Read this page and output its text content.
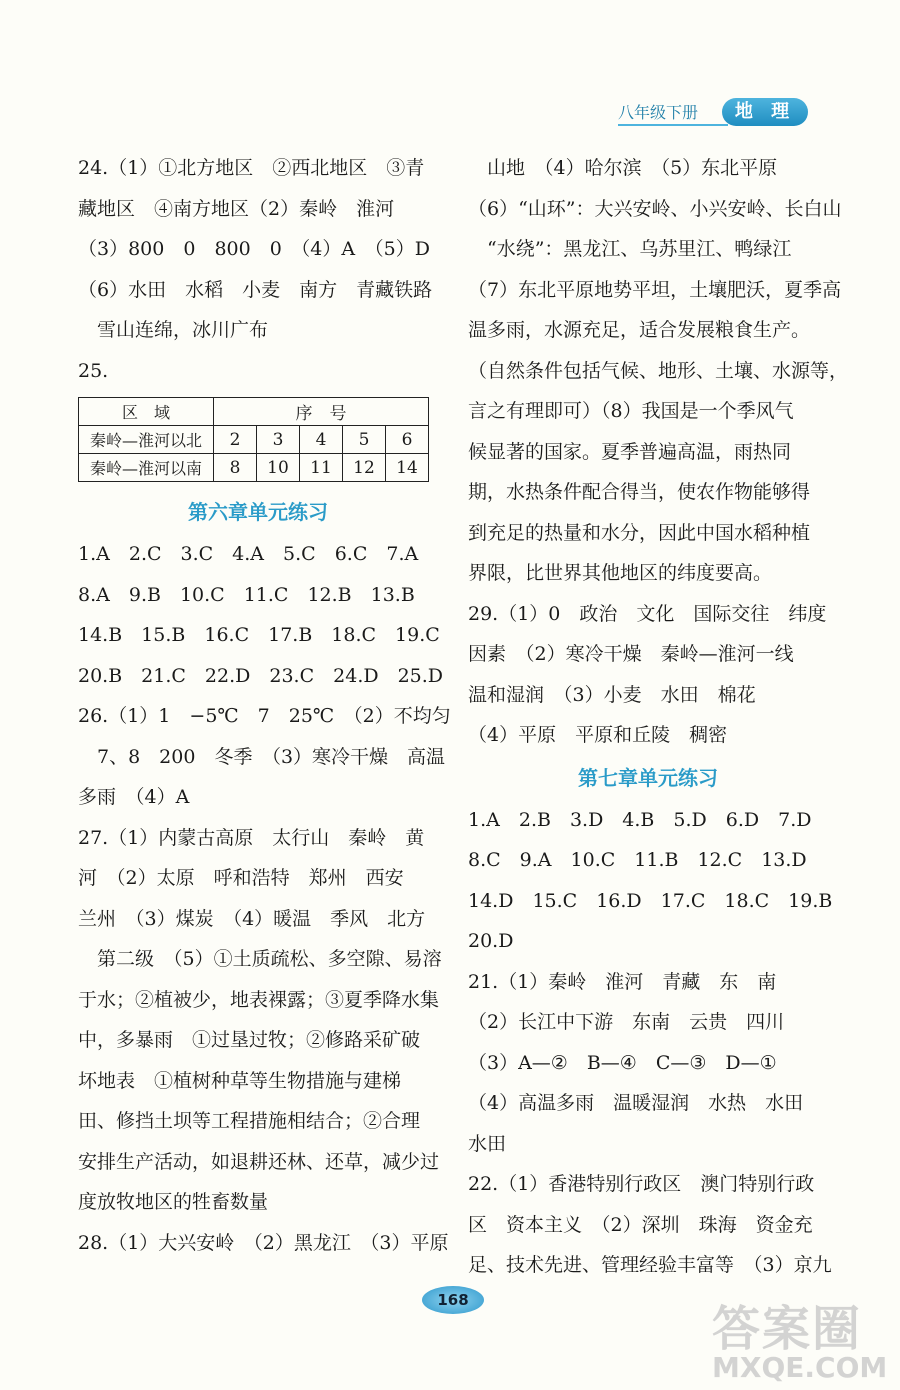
八年级下册	地 理
24.（1）①北方地区　②西北地区　③青
藏地区　④南方地区（2）秦岭　淮河
（3）800　0　800　0　（4）A　（5）D
（6）水田　水稻　小麦　南方　青藏铁路
　雪山连绵，冰川广布
25.
区　域	序　号				
秦岭—淮河以北	2	3	4	5	6
秦岭—淮河以南	8	10	11	12	14
第六章单元练习
1.A　2.C　3.C　4.A　5.C　6.C　7.A
8.A　9.B　10.C　11.C　12.B　13.B
14.B　15.B　16.C　17.B　18.C　19.C
20.B　21.C　22.D　23.C　24.D　25.D
26.（1）1　−5℃　7　25℃　（2）不均匀
　7、8　200　冬季　（3）寒冷干燥　高温
多雨　（4）A
27.（1）内蒙古高原　太行山　秦岭　黄
河　（2）太原　呼和浩特　郑州　西安
兰州　（3）煤炭　（4）暖温　季风　北方
　第二级　（5）①土质疏松、多空隙、易溶
于水；②植被少，地表裸露；③夏季降水集
中，多暴雨　①过垦过牧；②修路采矿破
坏地表　①植树种草等生物措施与建梯
田、修挡土坝等工程措施相结合；②合理
安排生产活动，如退耕还林、还草，减少过
度放牧地区的牲畜数量
28.（1）大兴安岭　（2）黑龙江　（3）平原
　山地　（4）哈尔滨　（5）东北平原
（6）“山环”：大兴安岭、小兴安岭、长白山
　“水绕”：黑龙江、乌苏里江、鸭绿江
（7）东北平原地势平坦，土壤肥沃，夏季高
温多雨，水源充足，适合发展粮食生产。
（自然条件包括气候、地形、土壤、水源等，
言之有理即可）（8）我国是一个季风气
候显著的国家。夏季普遍高温，雨热同
期，水热条件配合得当，使农作物能够得
到充足的热量和水分，因此中国水稻种植
界限，比世界其他地区的纬度要高。
29.（1）0　政治　文化　国际交往　纬度
因素　（2）寒冷干燥　秦岭—淮河一线
温和湿润　（3）小麦　水田　棉花
（4）平原　平原和丘陵　稠密
第七章单元练习
1.A　2.B　3.D　4.B　5.D　6.D　7.D
8.C　9.A　10.C　11.B　12.C　13.D
14.D　15.C　16.D　17.C　18.C　19.B
20.D
21.（1）秦岭　淮河　青藏　东　南
（2）长江中下游　东南　云贵　四川
（3）A—②　B—④　C—③　D—①
（4）高温多雨　温暖湿润　水热　水田
水田
22.（1）香港特别行政区　澳门特别行政
区　资本主义　（2）深圳　珠海　资金充
足、技术先进、管理经验丰富等　（3）京九
168
答案圈
MXQE.COM
